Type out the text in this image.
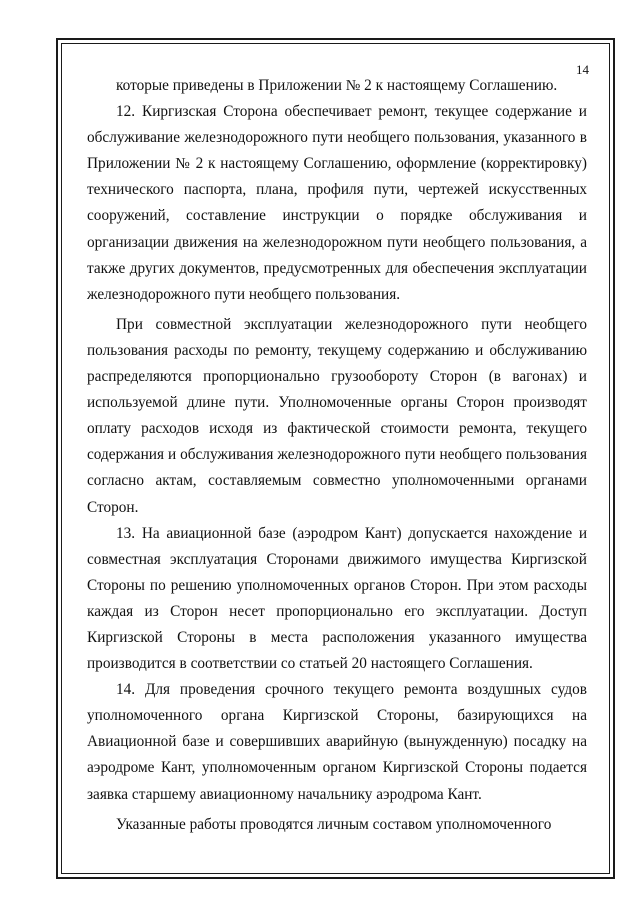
14

которые приведены в Приложении № 2 к настоящему Соглашению.

12. Киргизская Сторона обеспечивает ремонт, текущее содержание и обслуживание железнодорожного пути необщего пользования, указанного в Приложении № 2 к настоящему Соглашению, оформление (корректировку) технического паспорта, плана, профиля пути, чертежей искусственных сооружений, составление инструкции о порядке обслуживания и организации движения на железнодорожном пути необщего пользования, а также других документов, предусмотренных для обеспечения эксплуатации железнодорожного пути необщего пользования.

При совместной эксплуатации железнодорожного пути необщего пользования расходы по ремонту, текущему содержанию и обслуживанию распределяются пропорционально грузообороту Сторон (в вагонах) и используемой длине пути. Уполномоченные органы Сторон производят оплату расходов исходя из фактической стоимости ремонта, текущего содержания и обслуживания железнодорожного пути необщего пользования согласно актам, составляемым совместно уполномоченными органами Сторон.

13. На авиационной базе (аэродром Кант) допускается нахождение и совместная эксплуатация Сторонами движимого имущества Киргизской Стороны по решению уполномоченных органов Сторон. При этом расходы каждая из Сторон несет пропорционально его эксплуатации. Доступ Киргизской Стороны в места расположения указанного имущества производится в соответствии со статьей 20 настоящего Соглашения.

14. Для проведения срочного текущего ремонта воздушных судов уполномоченного органа Киргизской Стороны, базирующихся на Авиационной базе и совершивших аварийную (вынужденную) посадку на аэродроме Кант, уполномоченным органом Киргизской Стороны подается заявка старшему авиационному начальнику аэродрома Кант.

Указанные работы проводятся личным составом уполномоченного
